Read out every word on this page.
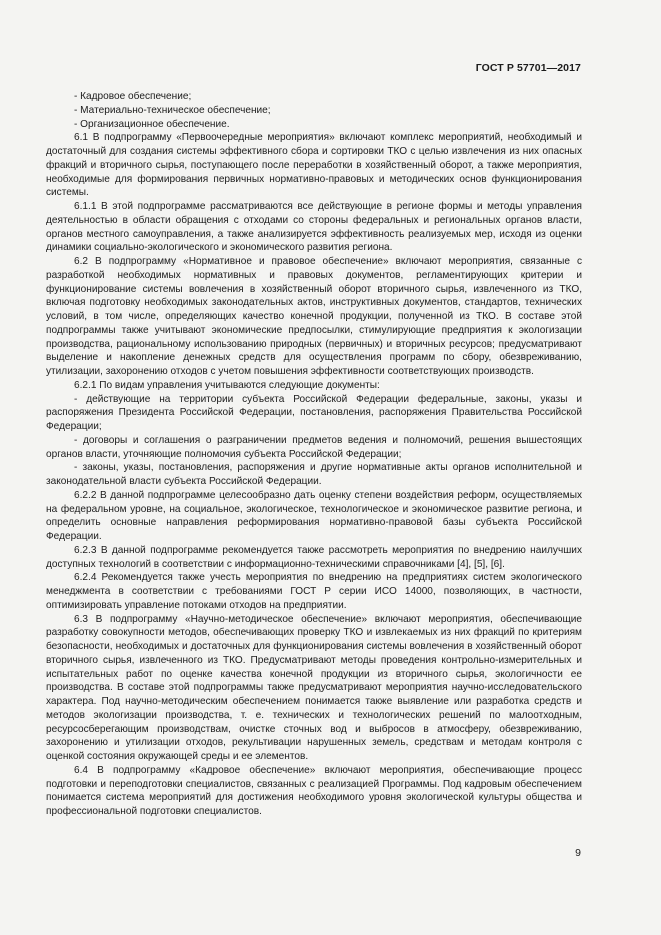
ГОСТ Р 57701—2017

- Кадровое обеспечение;

- Материально-техническое обеспечение;

- Организационное обеспечение.

6.1 В подпрограмму «Первоочередные мероприятия» включают комплекс мероприятий, необходимый и достаточный для создания системы эффективного сбора и сортировки ТКО с целью извлечения из них опасных фракций и вторичного сырья, поступающего после переработки в хозяйственный оборот, а также мероприятия, необходимые для формирования первичных нормативно-правовых и методических основ функционирования системы.

6.1.1 В этой подпрограмме рассматриваются все действующие в регионе формы и методы управления деятельностью в области обращения с отходами со стороны федеральных и региональных органов власти, органов местного самоуправления, а также анализируется эффективность реализуемых мер, исходя из оценки динамики социально-экологического и экономического развития региона.

6.2 В подпрограмму «Нормативное и правовое обеспечение» включают мероприятия, связанные с разработкой необходимых нормативных и правовых документов, регламентирующих критерии и функционирование системы вовлечения в хозяйственный оборот вторичного сырья, извлеченного из ТКО, включая подготовку необходимых законодательных актов, инструктивных документов, стандартов, технических условий, в том числе, определяющих качество конечной продукции, полученной из ТКО. В составе этой подпрограммы также учитывают экономические предпосылки, стимулирующие предприятия к экологизации производства, рациональному использованию природных (первичных) и вторичных ресурсов; предусматривают выделение и накопление денежных средств для осуществления программ по сбору, обезвреживанию, утилизации, захоронению отходов с учетом повышения эффективности соответствующих производств.

6.2.1 По видам управления учитываются следующие документы:

- действующие на территории субъекта Российской Федерации федеральные, законы, указы и распоряжения Президента Российской Федерации, постановления, распоряжения Правительства Российской Федерации;

- договоры и соглашения о разграничении предметов ведения и полномочий, решения вышестоящих органов власти, уточняющие полномочия субъекта Российской Федерации;

- законы, указы, постановления, распоряжения и другие нормативные акты органов исполнительной и законодательной власти субъекта Российской Федерации.

6.2.2 В данной подпрограмме целесообразно дать оценку степени воздействия реформ, осуществляемых на федеральном уровне, на социальное, экологическое, технологическое и экономическое развитие региона, и определить основные направления реформирования нормативно-правовой базы субъекта Российской Федерации.

6.2.3 В данной подпрограмме рекомендуется также рассмотреть мероприятия по внедрению наилучших доступных технологий в соответствии с информационно-техническими справочниками [4], [5], [6].

6.2.4 Рекомендуется также учесть мероприятия по внедрению на предприятиях систем экологического менеджмента в соответствии с требованиями ГОСТ Р серии ИСО 14000, позволяющих, в частности, оптимизировать управление потоками отходов на предприятии.

6.3 В подпрограмму «Научно-методическое обеспечение» включают мероприятия, обеспечивающие разработку совокупности методов, обеспечивающих проверку ТКО и извлекаемых из них фракций по критериям безопасности, необходимых и достаточных для функционирования системы вовлечения в хозяйственный оборот вторичного сырья, извлеченного из ТКО. Предусматривают методы проведения контрольно-измерительных и испытательных работ по оценке качества конечной продукции из вторичного сырья, экологичности ее производства. В составе этой подпрограммы также предусматривают мероприятия научно-исследовательского характера. Под научно-методическим обеспечением понимается также выявление или разработка средств и методов экологизации производства, т. е. технических и технологических решений по малоотходным, ресурсосберегающим производствам, очистке сточных вод и выбросов в атмосферу, обезвреживанию, захоронению и утилизации отходов, рекультивации нарушенных земель, средствам и методам контроля с оценкой состояния окружающей среды и ее элементов.

6.4 В подпрограмму «Кадровое обеспечение» включают мероприятия, обеспечивающие процесс подготовки и переподготовки специалистов, связанных с реализацией Программы. Под кадровым обеспечением понимается система мероприятий для достижения необходимого уровня экологической культуры общества и профессиональной подготовки специалистов.

9
